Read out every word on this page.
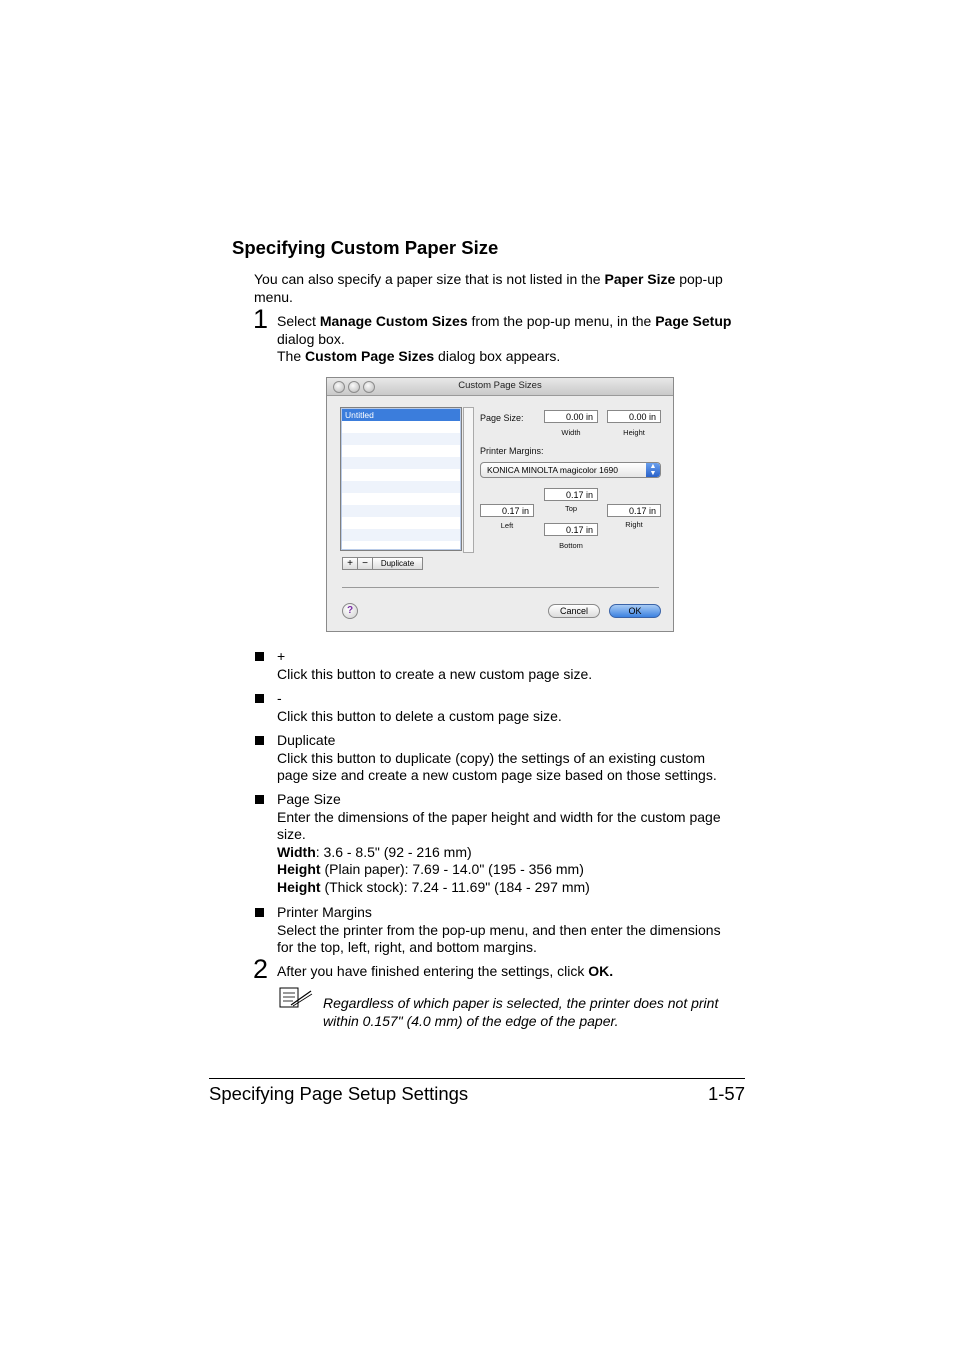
Specifying Custom Paper Size
You can also specify a paper size that is not listed in the Paper Size pop-up
menu.
1 Select Manage Custom Sizes from the pop-up menu, in the Page Setup
dialog box.
The Custom Page Sizes dialog box appears.
Custom Page Sizes
Untitled	Page Size:	0.00 in	0.00 in
Width	Height
Printer Margins:
KONICA MINOLTA magicolor 1690	▲
▼
0.17 in
Top
0.17 in
Left
0.17 in
Right
0.17 in
Bottom
+ −	Duplicate
?	Cancel	OK
+
Click this button to create a new custom page size.
-
Click this button to delete a custom page size.
Duplicate
Click this button to duplicate (copy) the settings of an existing custom
page size and create a new custom page size based on those settings.
Page Size
Enter the dimensions of the paper height and width for the custom page
size.
Width: 3.6 - 8.5" (92 - 216 mm)
Height (Plain paper): 7.69 - 14.0" (195 - 356 mm)
Height (Thick stock): 7.24 - 11.69" (184 - 297 mm)
Printer Margins
Select the printer from the pop-up menu, and then enter the dimensions
for the top, left, right, and bottom margins.
2 After you have finished entering the settings, click OK.
Regardless of which paper is selected, the printer does not print
within 0.157" (4.0 mm) of the edge of the paper.
Specifying Page Setup Settings	1-57
